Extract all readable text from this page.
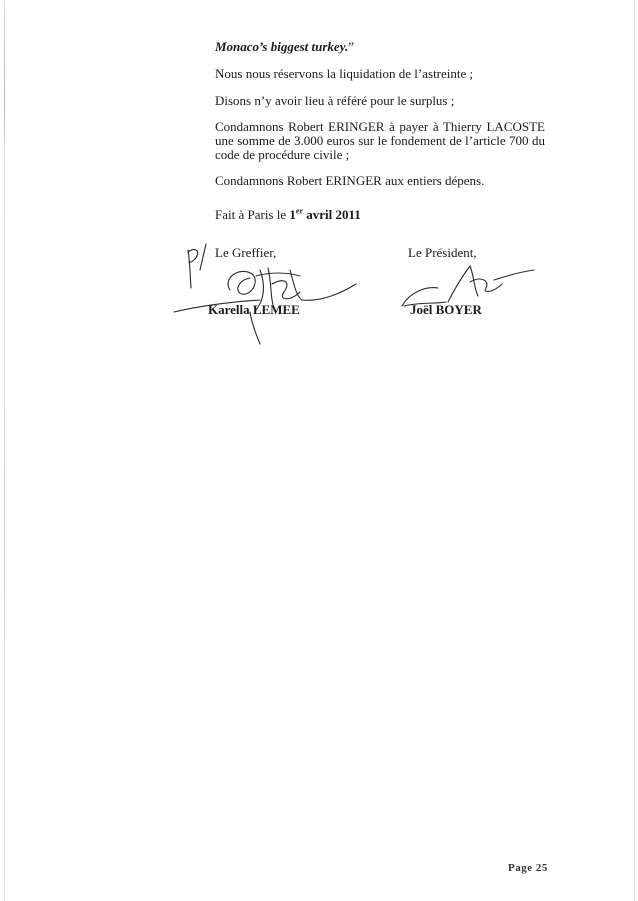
Monaco’s biggest turkey.”

Nous nous réservons la liquidation de l’astreinte ;

Disons n’y avoir lieu à référé pour le surplus ;

Condamnons Robert ERINGER à payer à Thierry LACOSTE une somme de 3.000 euros sur le fondement de l’article 700 du code de procédure civile ;

Condamnons Robert ERINGER aux entiers dépens.

Fait à Paris le 1er avril 2011

Le Greffier,
Karella LEMEE
Le Président,
Joël BOYER
Page 25
